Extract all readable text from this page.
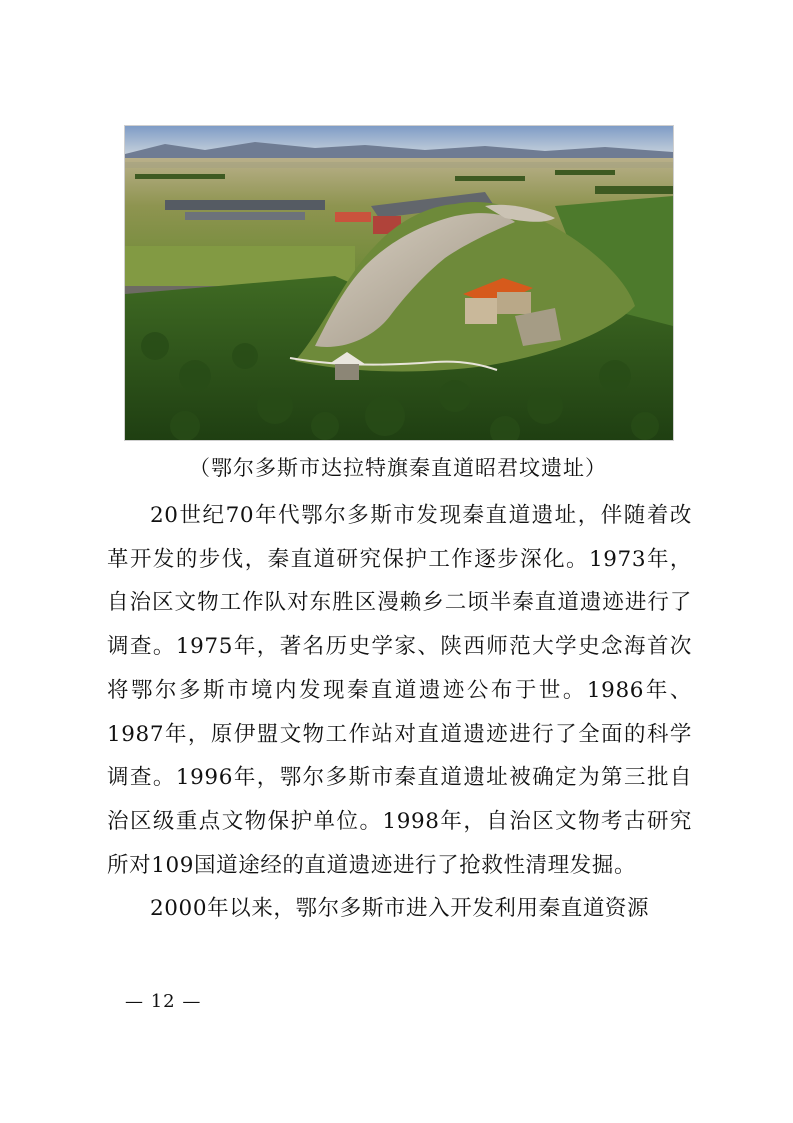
（鄂尔多斯市达拉特旗秦直道昭君坟遗址）

20世纪70年代鄂尔多斯市发现秦直道遗址，伴随着改革开发的步伐，秦直道研究保护工作逐步深化。1973年，自治区文物工作队对东胜区漫赖乡二顷半秦直道遗迹进行了调查。1975年，著名历史学家、陕西师范大学史念海首次将鄂尔多斯市境内发现秦直道遗迹公布于世。1986年、1987年，原伊盟文物工作站对直道遗迹进行了全面的科学调查。1996年，鄂尔多斯市秦直道遗址被确定为第三批自治区级重点文物保护单位。1998年，自治区文物考古研究所对109国道途经的直道遗迹进行了抢救性清理发掘。

2000年以来，鄂尔多斯市进入开发利用秦直道资源

— 12 —
